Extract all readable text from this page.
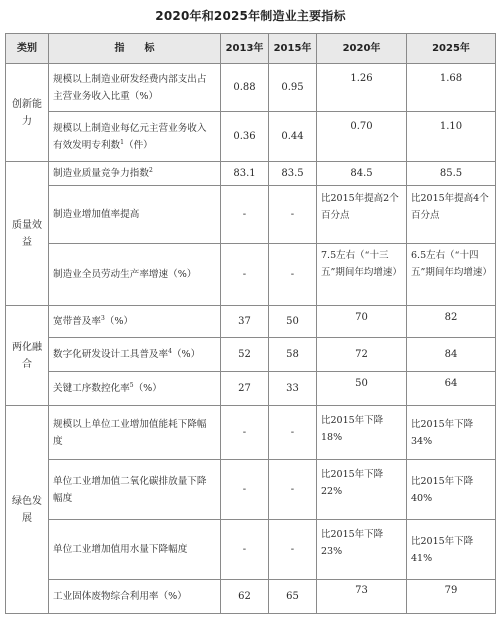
2020年和2025年制造业主要指标
类别	指　　标	2013年	2015年	2020年	2025年
创新能力	规模以上制造业研发经费内部支出占主营业务收入比重（%）	0.88	0.95	1.26	1.68
	规模以上制造业每亿元主营业务收入有效发明专利数$^1$（件）	0.36	0.44	0.70	1.10
质量效益	制造业质量竞争力指数$^2$	83.1	83.5	84.5	85.5
	制造业增加值率提高	-	-	比2015年提高2个百分点	比2015年提高4个百分点
	制造业全员劳动生产率增速（%）	-	-	7.5左右（“十三五”期间年均增速）	6.5左右（“十四五”期间年均增速）
两化融合	宽带普及率$^3$（%）	37	50	70	82
	数字化研发设计工具普及率$^4$（%）	52	58	72	84
	关键工序数控化率$^5$（%）	27	33	50	64
绿色发展	规模以上单位工业增加值能耗下降幅度	-	-	比2015年下降18%	比2015年下降34%
	单位工业增加值二氧化碳排放量下降幅度	-	-	比2015年下降22%	比2015年下降40%
	单位工业增加值用水量下降幅度	-	-	比2015年下降23%	比2015年下降41%
	工业固体废物综合利用率（%）	62	65	73	79
